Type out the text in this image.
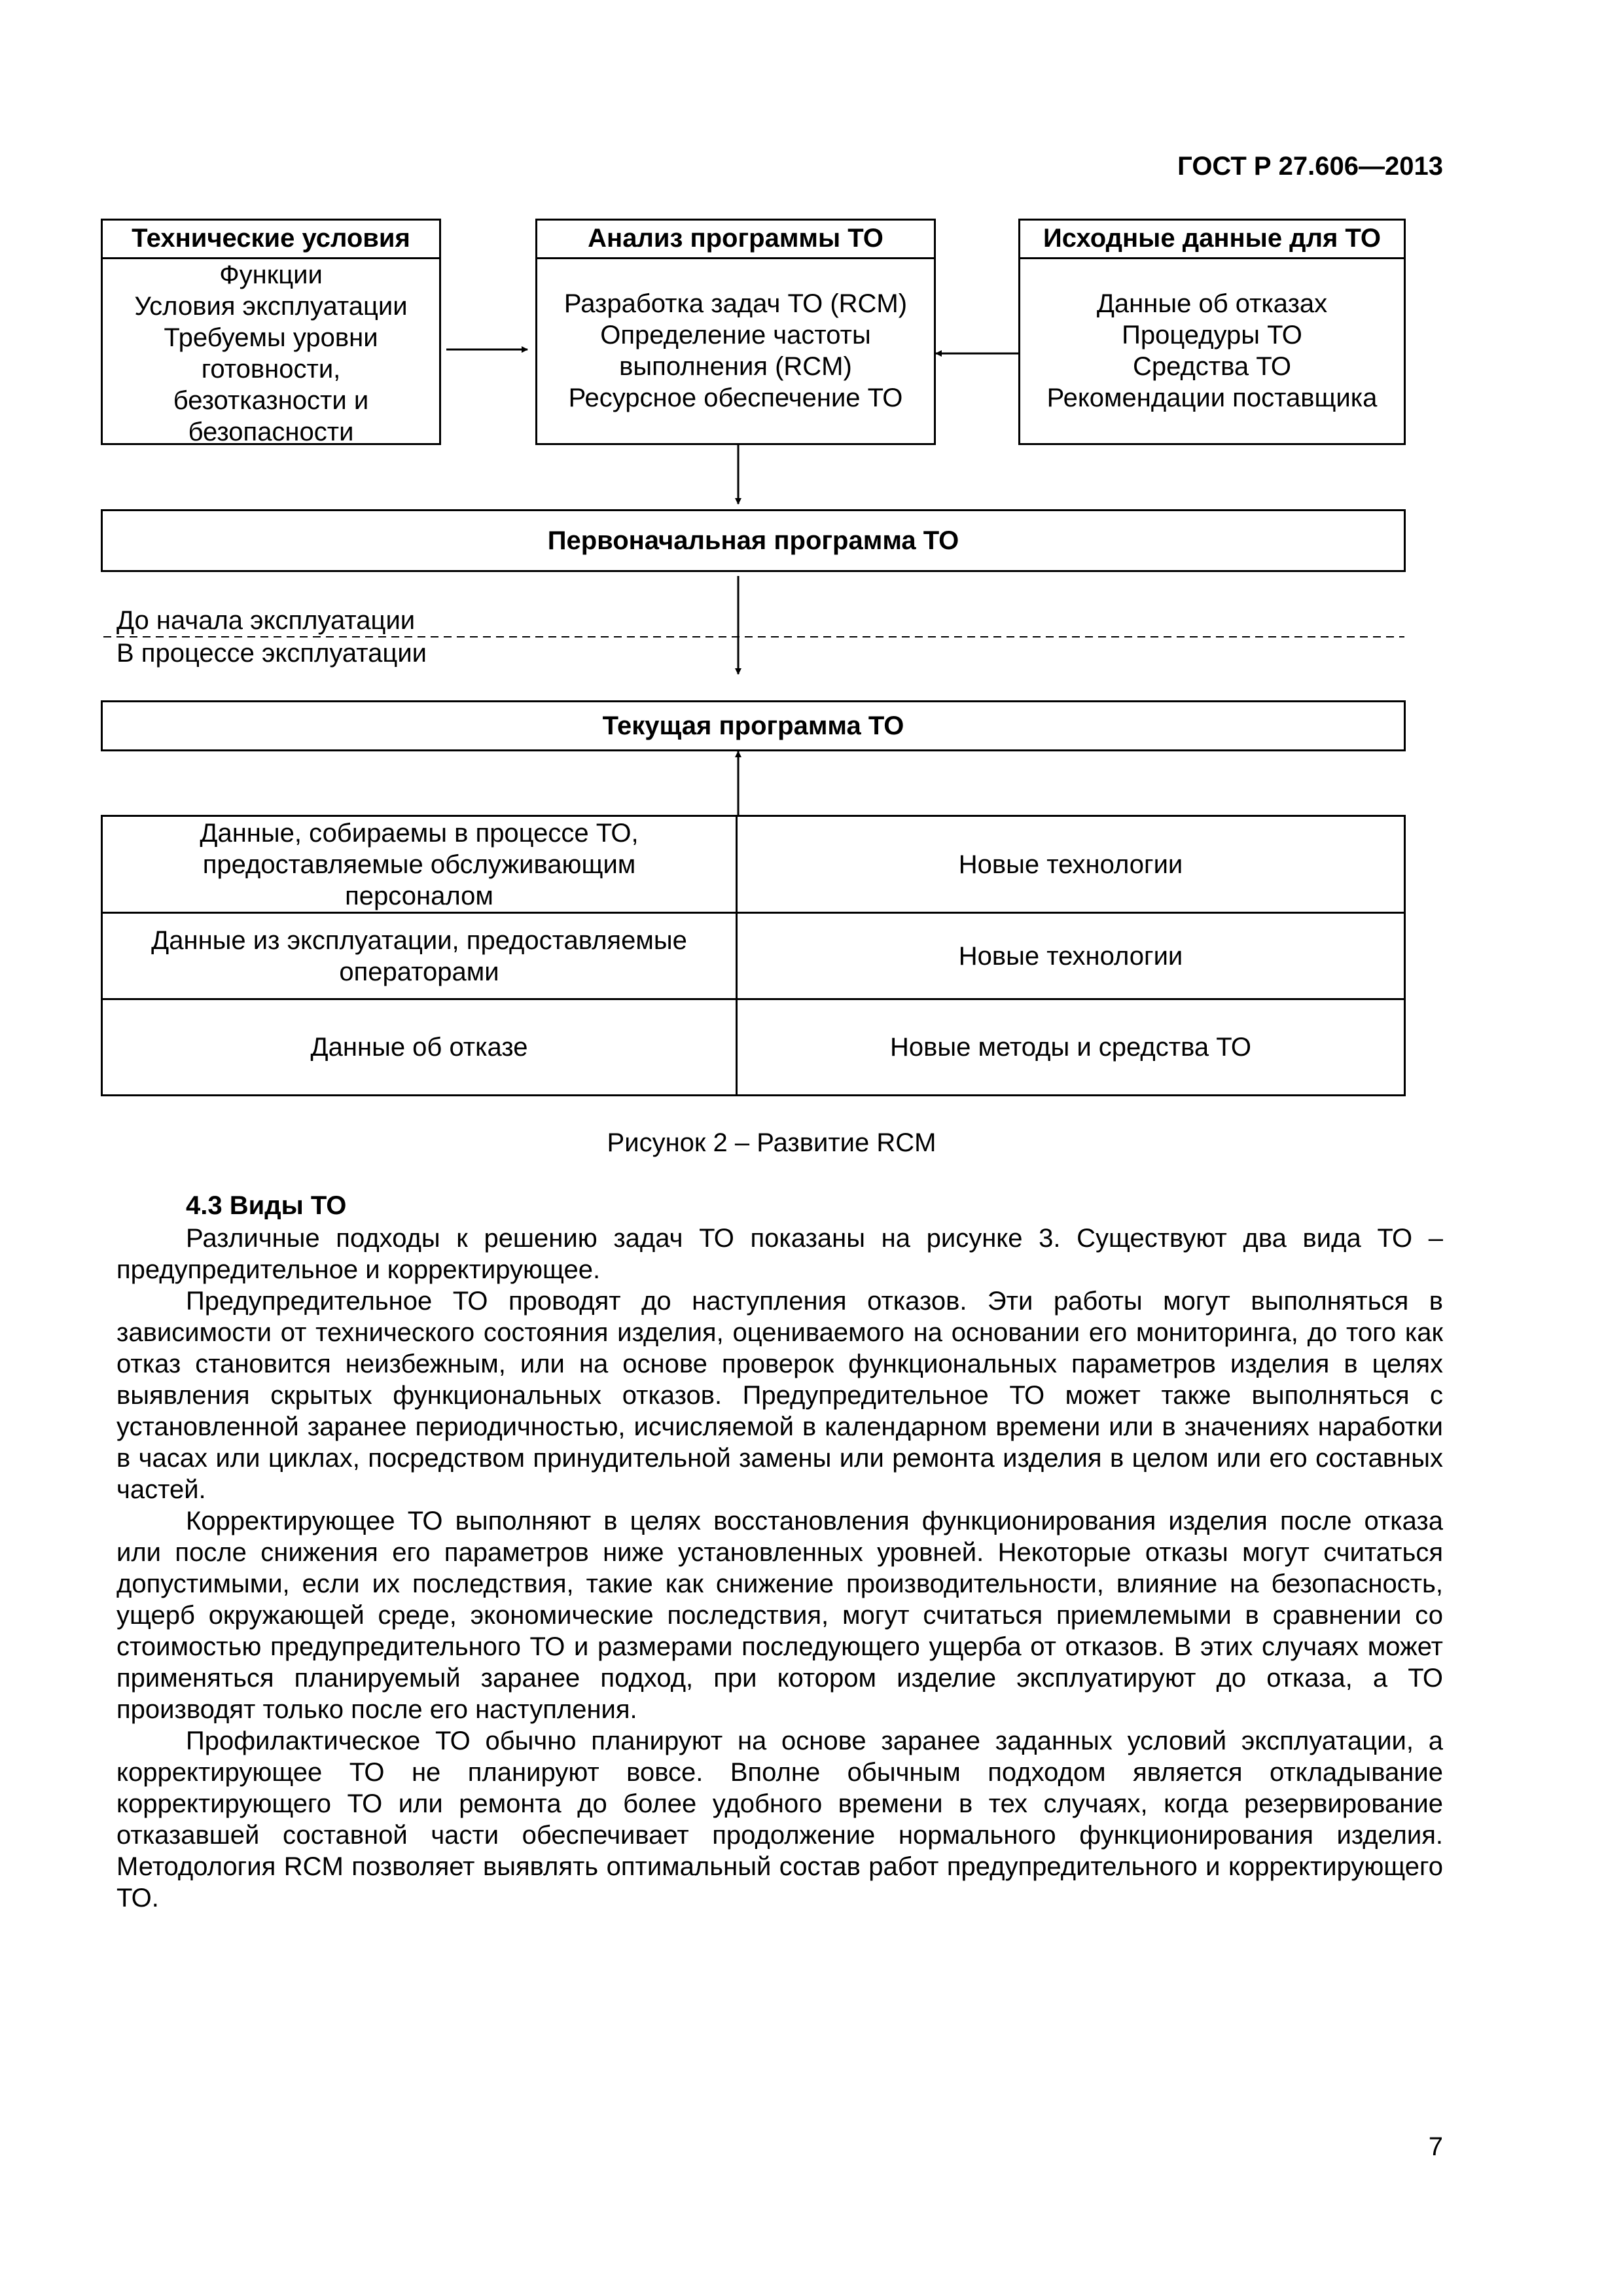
ГОСТ Р 27.606—2013
Технические условия
Функции
Условия эксплуатации
Требуемы уровни
готовности,
безотказности и
безопасности
Анализ программы ТО
Разработка задач ТО (RCM)
Определение частоты
выполнения (RCM)
Ресурсное обеспечение ТО
Исходные данные для ТО
Данные об отказах
Процедуры ТО
Средства ТО
Рекомендации поставщика
Первоначальная программа ТО
До начала эксплуатации
В процессе эксплуатации
Текущая программа ТО
Данные, собираемы в процессе ТО, предоставляемые обслуживающим персоналом
Новые технологии
Данные из эксплуатации, предоставляемые операторами
Новые технологии
Данные об отказе	Новые методы и средства ТО
Рисунок 2 – Развитие RCM
4.3 Виды ТО

Различные подходы к решению задач ТО показаны на рисунке 3. Существуют два вида ТО – предупредительное и корректирующее.

Предупредительное ТО проводят до наступления отказов. Эти работы могут выполняться в зависимости от технического состояния изделия, оцениваемого на основании его мониторинга, до того как отказ становится неизбежным, или на основе проверок функциональных параметров изделия в целях выявления скрытых функциональных отказов. Предупредительное ТО может также выполняться с установленной заранее периодичностью, исчисляемой в календарном времени или в значениях наработки в часах или циклах, посредством принудительной замены или ремонта изделия в целом или его составных частей.

Корректирующее ТО выполняют в целях восстановления функционирования изделия после отказа или после снижения его параметров ниже установленных уровней. Некоторые отказы могут считаться допустимыми, если их последствия, такие как снижение производительности, влияние на безопасность, ущерб окружающей среде, экономические последствия, могут считаться приемлемыми в сравнении со стоимостью предупредительного ТО и размерами последующего ущерба от отказов. В этих случаях может применяться планируемый заранее подход, при котором изделие эксплуатируют до отказа, а ТО производят только после его наступления.

Профилактическое ТО обычно планируют на основе заранее заданных условий эксплуатации, а корректирующее ТО не планируют вовсе. Вполне обычным подходом является откладывание корректирующего ТО или ремонта до более удобного времени в тех случаях, когда резервирование отказавшей составной части обеспечивает продолжение нормального функционирования изделия. Методология RCM позволяет выявлять оптимальный состав работ предупредительного и корректирующего ТО.

7
